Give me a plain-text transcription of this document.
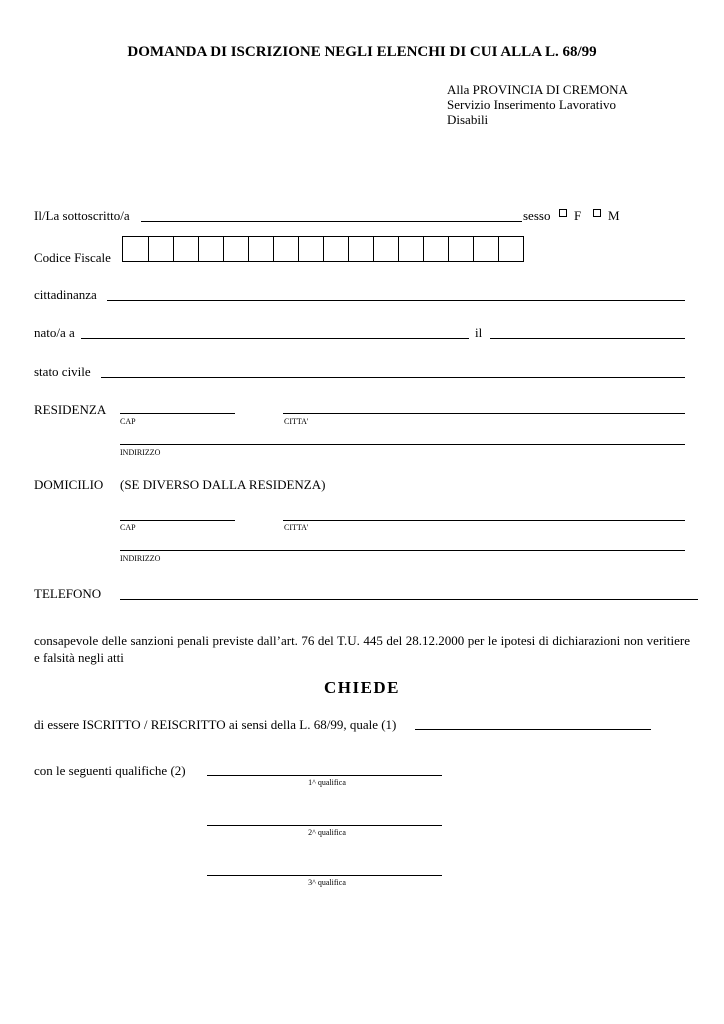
DOMANDA DI ISCRIZIONE NEGLI ELENCHI DI CUI ALLA L. 68/99
Alla PROVINCIA DI CREMONA
Servizio Inserimento Lavorativo
Disabili
Il/La sottoscritto/a	sesso F M
Codice Fiscale
cittadinanza
nato/a a	il
stato civile
RESIDENZA
CAP	CITTA'
INDIRIZZO
DOMICILIO (SE DIVERSO DALLA RESIDENZA)
CAP	CITTA'
INDIRIZZO
TELEFONO
consapevole delle sanzioni penali previste dall’art. 76 del T.U. 445 del 28.12.2000 per le ipotesi di dichiarazioni non veritiere e falsità negli atti
CHIEDE
di essere ISCRITTO / REISCRITTO ai sensi della L. 68/99, quale (1)
con le seguenti qualifiche (2)
1^ qualifica
2^ qualifica
3^ qualifica
